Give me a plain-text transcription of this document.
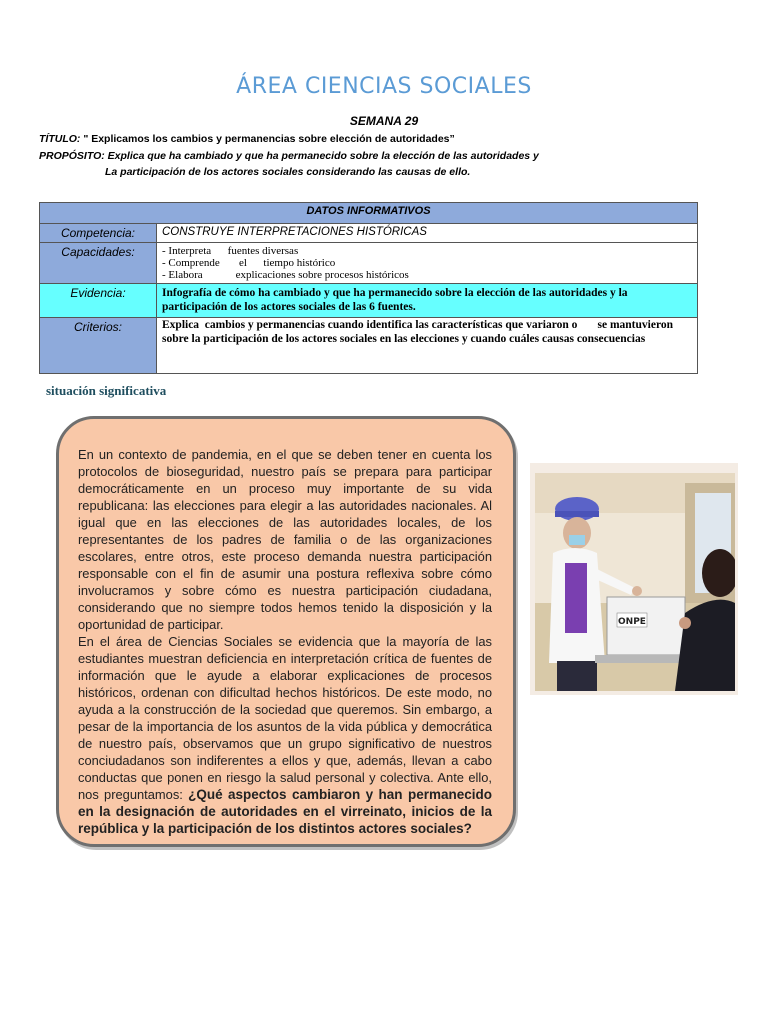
ÁREA CIENCIAS SOCIALES
SEMANA 29
TÍTULO: " Explicamos los cambios y permanencias sobre elección de autoridades”
PROPÓSITO: Explica que ha cambiado y que ha permanecido sobre la elección de las autoridades y
La participación de los actores sociales considerando las causas de ello.
DATOS INFORMATIVOS	
Competencia:	CONSTRUYE INTERPRETACIONES HISTÓRICAS
Capacidades:	- Interpreta      fuentes diversas
- Comprende       el      tiempo histórico
- Elabora            explicaciones sobre procesos históricos

Evidencia:	Infografía de cómo ha cambiado y que ha permanecido sobre la elección de las autoridades y la participación de los actores sociales de las 6 fuentes.
Criterios:	Explica  cambios y permanencias cuando identifica las características que variaron o       se mantuvieron    sobre la participación de los actores sociales en las elecciones y cuando cuáles causas consecuencias
situación significativa

En un contexto de pandemia, en el que se deben tener en cuenta los protocolos de bioseguridad, nuestro país se prepara para participar democráticamente en un proceso muy importante de su vida republicana: las elecciones para elegir a las autoridades nacionales. Al igual que en las elecciones de las autoridades locales, de los representantes de los padres de familia o de las organizaciones escolares, entre otros, este proceso demanda nuestra participación responsable con el fin de asumir una postura reflexiva sobre cómo involucramos y sobre cómo es nuestra participación ciudadana, considerando que no siempre todos hemos tenido la disposición y la oportunidad de participar.

En el área de Ciencias Sociales se evidencia que la mayoría de las estudiantes muestran deficiencia en interpretación crítica de fuentes de información que le ayude a elaborar explicaciones de procesos históricos, ordenan con dificultad hechos históricos. De este modo, no ayuda a la construcción de la sociedad que queremos. Sin embargo, a pesar de la importancia de los asuntos de la vida pública y democrática de nuestro país, observamos que un grupo significativo de nuestros conciudadanos son indiferentes a ellos y que, además, llevan a cabo conductas que ponen en riesgo la salud personal y colectiva. Ante ello, nos preguntamos: ¿Qué aspectos cambiaron y han permanecido en la designación de autoridades en el virreinato, inicios de la república y la participación de los distintos actores sociales?

ONPE
